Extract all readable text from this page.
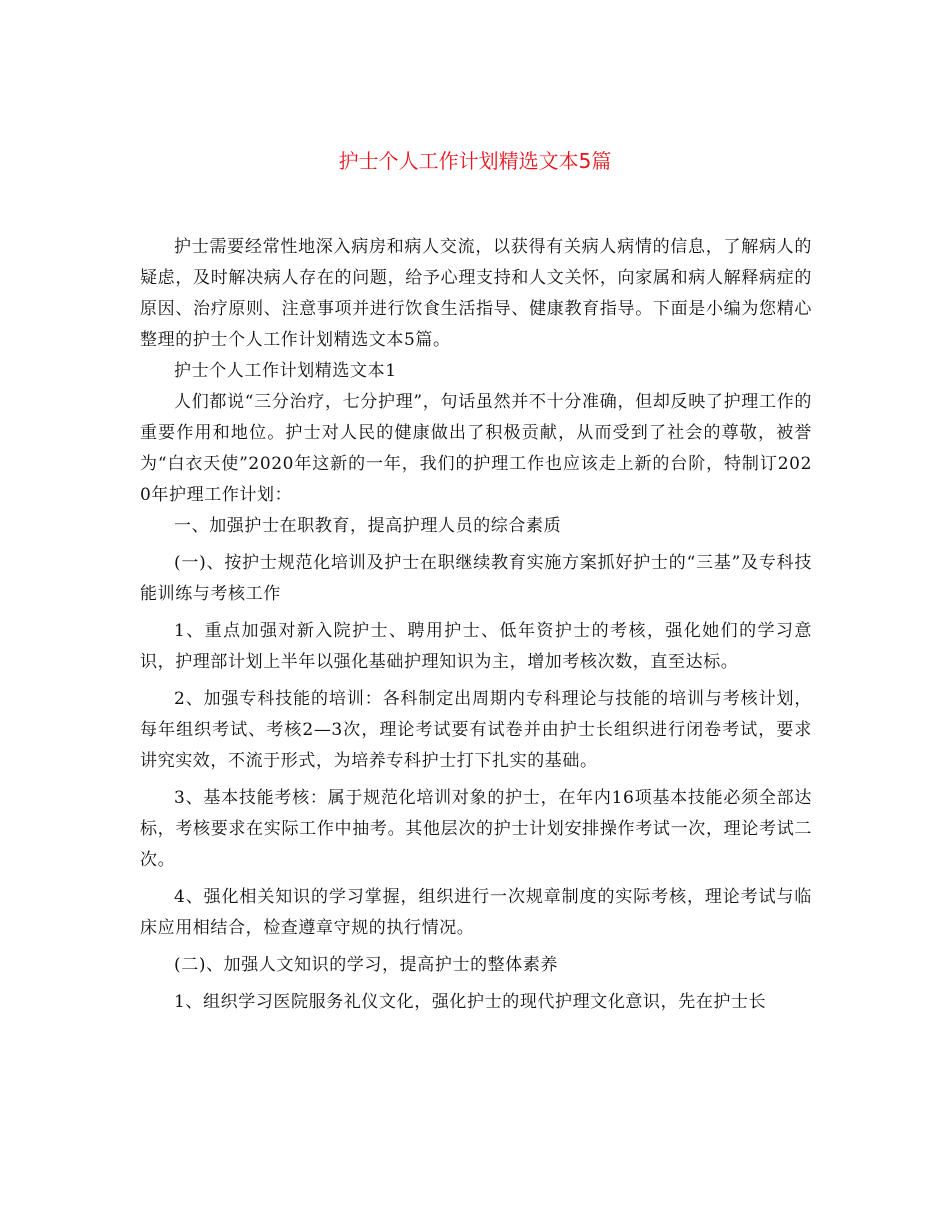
护士个人工作计划精选文本5篇

护士需要经常性地深入病房和病人交流，以获得有关病人病情的信息，了解病人的疑虑，及时解决病人存在的问题，给予心理支持和人文关怀，向家属和病人解释病症的原因、治疗原则、注意事项并进行饮食生活指导、健康教育指导。下面是小编为您精心整理的护士个人工作计划精选文本5篇。

护士个人工作计划精选文本1

人们都说“三分治疗，七分护理”，句话虽然并不十分准确，但却反映了护理工作的重要作用和地位。护士对人民的健康做出了积极贡献，从而受到了社会的尊敬，被誉为“白衣天使”2020年这新的一年，我们的护理工作也应该走上新的台阶，特制订2020年护理工作计划：

一、加强护士在职教育，提高护理人员的综合素质

(一)、按护士规范化培训及护士在职继续教育实施方案抓好护士的“三基”及专科技能训练与考核工作

1、重点加强对新入院护士、聘用护士、低年资护士的考核，强化她们的学习意识，护理部计划上半年以强化基础护理知识为主，增加考核次数，直至达标。

2、加强专科技能的培训：各科制定出周期内专科理论与技能的培训与考核计划，每年组织考试、考核2—3次，理论考试要有试卷并由护士长组织进行闭卷考试，要求讲究实效，不流于形式，为培养专科护士打下扎实的基础。

3、基本技能考核：属于规范化培训对象的护士，在年内16项基本技能必须全部达标，考核要求在实际工作中抽考。其他层次的护士计划安排操作考试一次，理论考试二次。

4、强化相关知识的学习掌握，组织进行一次规章制度的实际考核，理论考试与临床应用相结合，检查遵章守规的执行情况。

(二)、加强人文知识的学习，提高护士的整体素养

1、组织学习医院服务礼仪文化，强化护士的现代护理文化意识，先在护士长
